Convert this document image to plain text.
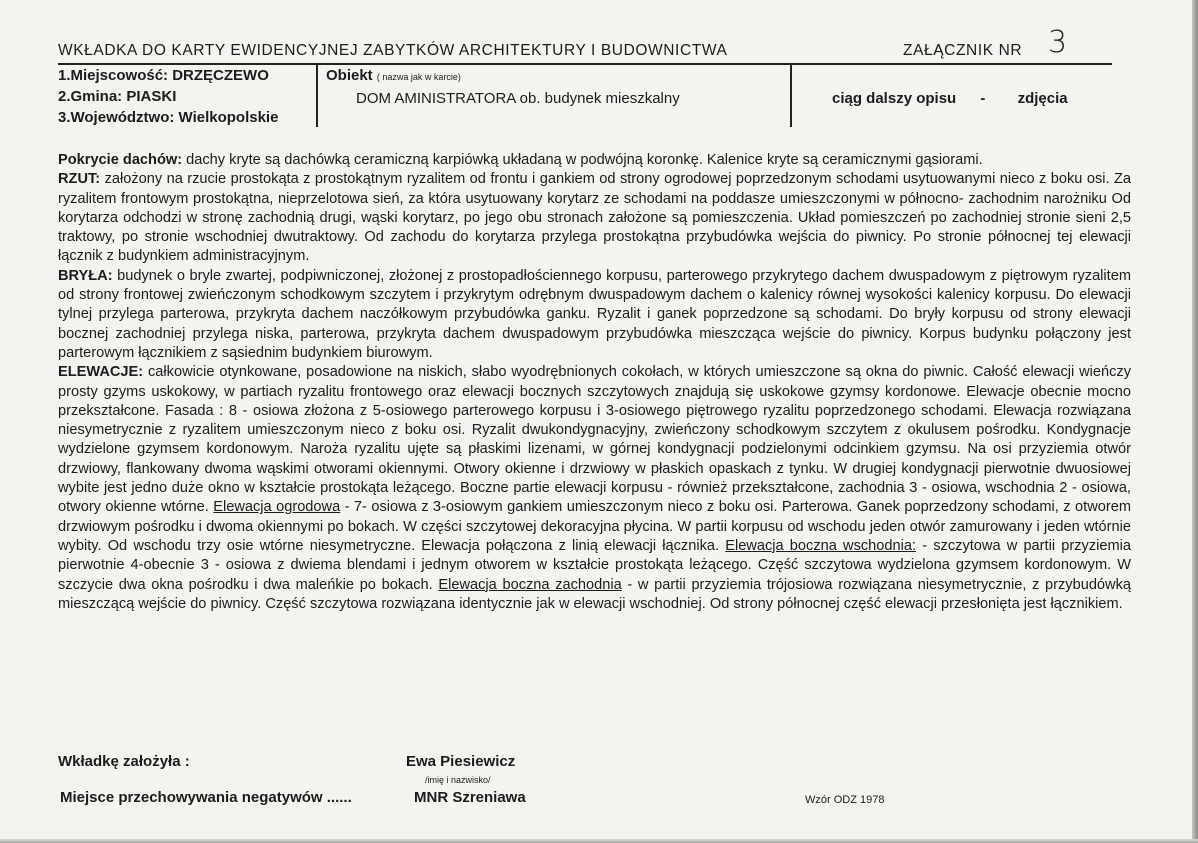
WKŁADKA DO KARTY EWIDENCYJNEJ ZABYTKÓW ARCHITEKTURY I BUDOWNICTWA	ZAŁĄCZNIK NR 3
1.Miejscowość: DRZĘCZEWO
2.Gmina: PIASKI
3.Województwo: Wielkopolskie
Obiekt ( nazwa jak w karcie)
DOM AMINISTRATORA ob. budynek mieszkalny	ciąg dalszy opisu - zdjęcia

Pokrycie dachów: dachy kryte są dachówką ceramiczną karpiówką układaną w podwójną koronkę. Kalenice kryte są ceramicznymi gąsiorami.

RZUT: założony na rzucie prostokąta z prostokątnym ryzalitem od frontu i gankiem od strony ogrodowej poprzedzonym schodami usytuowanymi nieco z boku osi. Za ryzalitem frontowym prostokątna, nieprzelotowa sień, za która usytuowany korytarz ze schodami na poddasze umieszczonymi w północno- zachodnim narożniku Od korytarza odchodzi w stronę zachodnią drugi, wąski korytarz, po jego obu stronach założone są pomieszczenia. Układ pomieszczeń po zachodniej stronie sieni 2,5 traktowy, po stronie wschodniej dwutraktowy. Od zachodu do korytarza przylega prostokątna przybudówka wejścia do piwnicy. Po stronie północnej tej elewacji łącznik z budynkiem administracyjnym.

BRYŁA: budynek o bryle zwartej, podpiwniczonej, złożonej z prostopadłościennego korpusu, parterowego przykrytego dachem dwuspadowym z piętrowym ryzalitem od strony frontowej zwieńczonym schodkowym szczytem i przykrytym odrębnym dwuspadowym dachem o kalenicy równej wysokości kalenicy korpusu. Do elewacji tylnej przylega parterowa, przykryta dachem naczółkowym przybudówka ganku. Ryzalit i ganek poprzedzone są schodami. Do bryły korpusu od strony elewacji bocznej zachodniej przylega niska, parterowa, przykryta dachem dwuspadowym przybudówka mieszcząca wejście do piwnicy. Korpus budynku połączony jest parterowym łącznikiem z sąsiednim budynkiem biurowym.

ELEWACJE: całkowicie otynkowane, posadowione na niskich, słabo wyodrębnionych cokołach, w których umieszczone są okna do piwnic. Całość elewacji wieńczy prosty gzyms uskokowy, w partiach ryzalitu frontowego oraz elewacji bocznych szczytowych znajdują się uskokowe gzymsy kordonowe. Elewacje obecnie mocno przekształcone. Fasada : 8 - osiowa złożona z 5-osiowego parterowego korpusu i 3-osiowego piętrowego ryzalitu poprzedzonego schodami. Elewacja rozwiązana niesymetrycznie z ryzalitem umieszczonym nieco z boku osi. Ryzalit dwukondygnacyjny, zwieńczony schodkowym szczytem z okulusem pośrodku. Kondygnacje wydzielone gzymsem kordonowym. Naroża ryzalitu ujęte są płaskimi lizenami, w górnej kondygnacji podzielonymi odcinkiem gzymsu. Na osi przyziemia otwór drzwiowy, flankowany dwoma wąskimi otworami okiennymi. Otwory okienne i drzwiowy w płaskich opaskach z tynku. W drugiej kondygnacji pierwotnie dwuosiowej wybite jest jedno duże okno w kształcie prostokąta leżącego. Boczne partie elewacji korpusu - również przekształcone, zachodnia 3 - osiowa, wschodnia 2 - osiowa, otwory okienne wtórne. Elewacja ogrodowa - 7- osiowa z 3-osiowym gankiem umieszczonym nieco z boku osi. Parterowa. Ganek poprzedzony schodami, z otworem drzwiowym pośrodku i dwoma okiennymi po bokach. W części szczytowej dekoracyjna płycina. W partii korpusu od wschodu jeden otwór zamurowany i jeden wtórnie wybity. Od wschodu trzy osie wtórne niesymetryczne. Elewacja połączona z linią elewacji łącznika. Elewacja boczna wschodnia: - szczytowa w partii przyziemia pierwotnie 4-obecnie 3 - osiowa z dwiema blendami i jednym otworem w kształcie prostokąta leżącego. Część szczytowa wydzielona gzymsem kordonowym. W szczycie dwa okna pośrodku i dwa maleńkie po bokach. Elewacja boczna zachodnia - w partii przyziemia trójosiowa rozwiązana niesymetrycznie, z przybudówką mieszczącą wejście do piwnicy. Część szczytowa rozwiązana identycznie jak w elewacji wschodniej. Od strony północnej część elewacji przesłonięta jest łącznikiem.

Wkładkę założyła :	Ewa Piesiewicz
/imię i nazwisko/
Miejsce przechowywania negatywów ......	MNR Szreniawa	Wzór ODZ 1978
